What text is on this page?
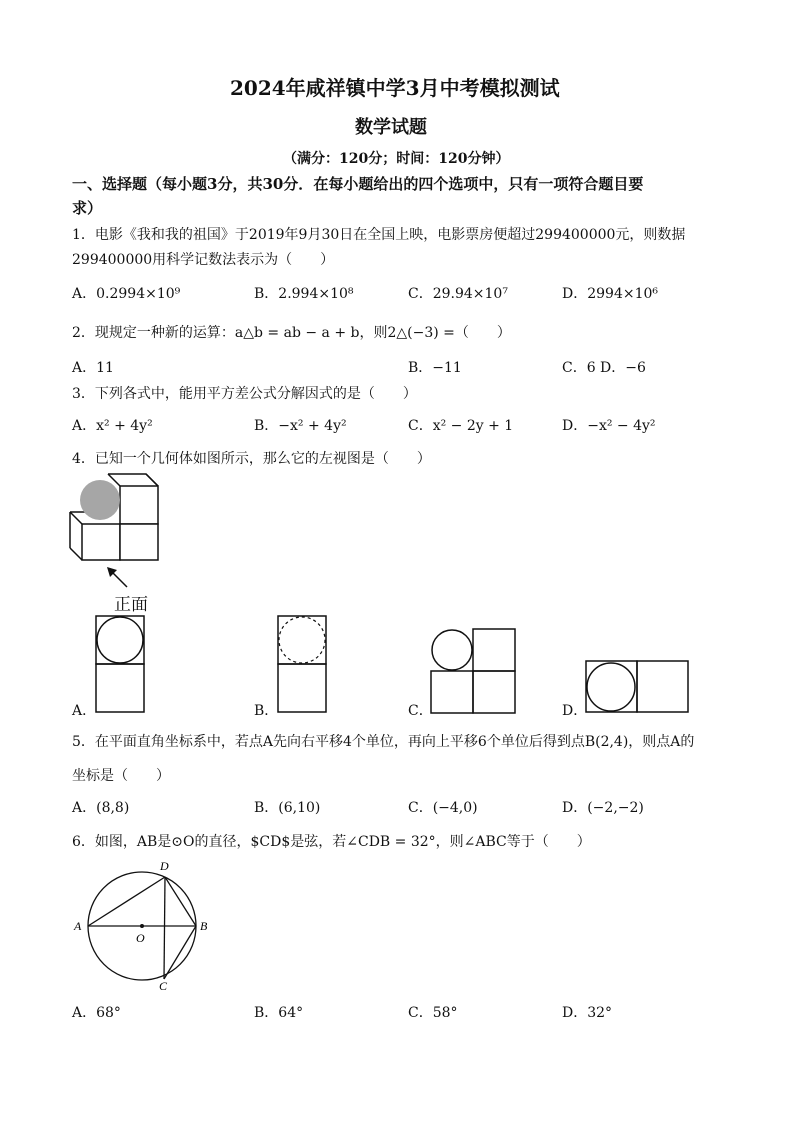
2024年咸祥镇中学3月中考模拟测试
数学试题
（满分：120分；时间：120分钟）
一、选择题（每小题3分，共30分．在每小题给出的四个选项中，只有一项符合题目要
求）
1．电影《我和我的祖国》于2019年9月30日在全国上映，电影票房便超过299400000元，则数据
299400000用科学记数法表示为（　　）
A．0.2994×10⁹	B．2.994×10⁸	C．29.94×10⁷	D．2994×10⁶
2．现规定一种新的运算：a△b = ab − a + b，则2△(−3) =（　　）
A．11	B．−11	C．6 D．−6
3．下列各式中，能用平方差公式分解因式的是（　　）
A．x² + 4y²	B．−x² + 4y²	C．x² − 2y + 1	D．−x² − 4y²
4．已知一个几何体如图所示，那么它的左视图是（　　）
正面
A．	B．	C．	D．
5．在平面直角坐标系中，若点A先向右平移4个单位，再向上平移6个单位后得到点B(2,4)，则点A的
坐标是（　　）
A．(8,8)	B．(6,10)	C．(−4,0)	D．(−2,−2)
6．如图，AB是⊙O的直径，$CD$是弦，若∠CDB = 32°，则∠ABC等于（　　）
A	B
D
C
O
A．68°	B．64°	C．58°	D．32°
